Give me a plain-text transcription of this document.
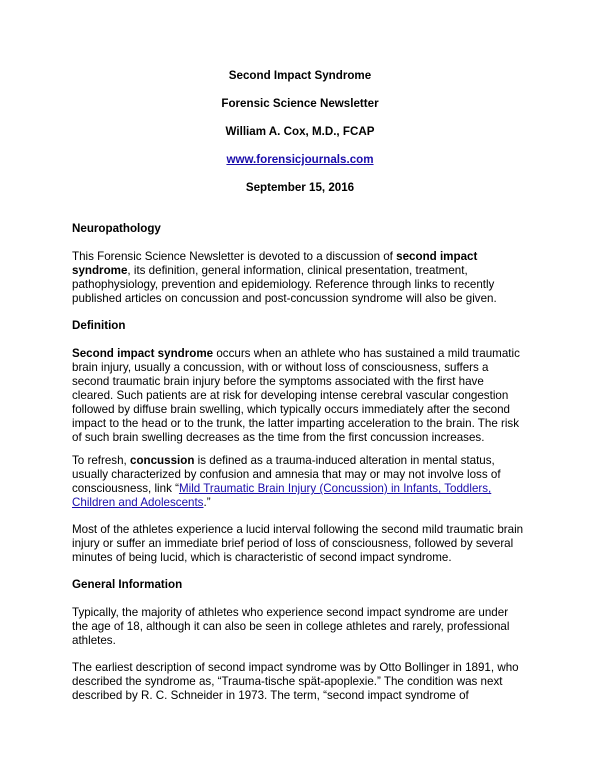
Second Impact Syndrome
Forensic Science Newsletter
William A. Cox, M.D., FCAP
www.forensicjournals.com
September 15, 2016
Neuropathology
This Forensic Science Newsletter is devoted to a discussion of second impact
syndrome, its definition, general information, clinical presentation, treatment,
pathophysiology, prevention and epidemiology. Reference through links to recently
published articles on concussion and post-concussion syndrome will also be given.
Definition
Second impact syndrome occurs when an athlete who has sustained a mild traumatic
brain injury, usually a concussion, with or without loss of consciousness, suffers a
second traumatic brain injury before the symptoms associated with the first have
cleared. Such patients are at risk for developing intense cerebral vascular congestion
followed by diffuse brain swelling, which typically occurs immediately after the second
impact to the head or to the trunk, the latter imparting acceleration to the brain. The risk
of such brain swelling decreases as the time from the first concussion increases.
To refresh, concussion is defined as a trauma-induced alteration in mental status,
usually characterized by confusion and amnesia that may or may not involve loss of
consciousness, link “Mild Traumatic Brain Injury (Concussion) in Infants, Toddlers,
Children and Adolescents.”
Most of the athletes experience a lucid interval following the second mild traumatic brain
injury or suffer an immediate brief period of loss of consciousness, followed by several
minutes of being lucid, which is characteristic of second impact syndrome.
General Information
Typically, the majority of athletes who experience second impact syndrome are under
the age of 18, although it can also be seen in college athletes and rarely, professional
athletes.
The earliest description of second impact syndrome was by Otto Bollinger in 1891, who
described the syndrome as, “Trauma-tische spät-apoplexie.” The condition was next
described by R. C. Schneider in 1973. The term, “second impact syndrome of
